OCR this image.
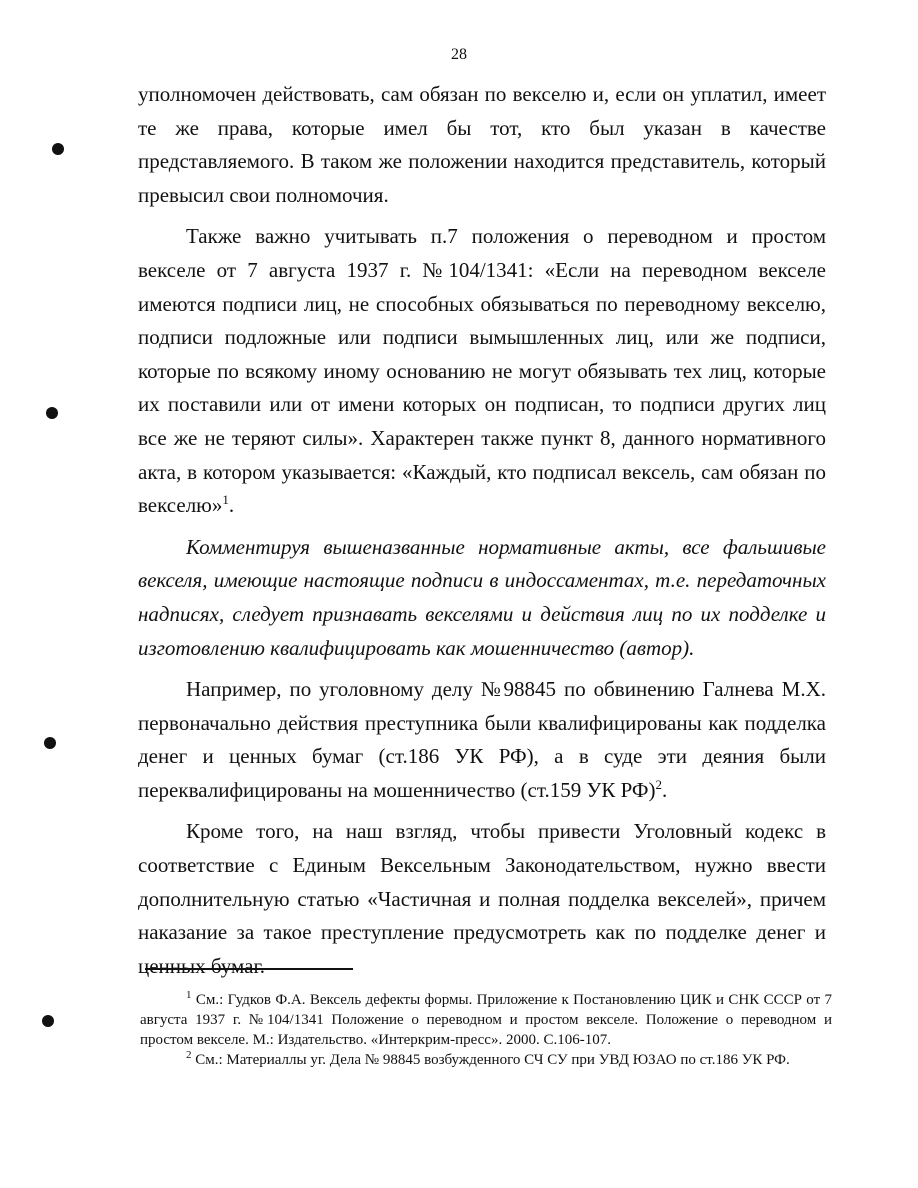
28

уполномочен действовать, сам обязан по векселю и, если он уплатил, имеет те же права, которые имел бы тот, кто был указан в качестве представляемого. В таком же положении находится представитель, который превысил свои полномочия.

Также важно учитывать п.7 положения о переводном и простом векселе от 7 августа 1937 г. №104/1341: «Если на переводном векселе имеются подписи лиц, не способных обязываться по переводному векселю, подписи подложные или подписи вымышленных лиц, или же подписи, которые по всякому иному основанию не могут обязывать тех лиц, которые их поставили или от имени которых он подписан, то подписи других лиц все же не теряют силы». Характерен также пункт 8, данного нормативного акта, в котором указывается: «Каждый, кто подписал вексель, сам обязан по векселю»$^1$.

Комментируя вышеназванные нормативные акты, все фальшивые векселя, имеющие настоящие подписи в индоссаментах, т.е. передаточных надписях, следует признавать векселями и действия лиц по их подделке и изготовлению квалифицировать как мошенничество (автор).

Например, по уголовному делу №98845 по обвинению Галнева М.Х. первоначально действия преступника были квалифицированы как подделка денег и ценных бумаг (ст.186 УК РФ), а в суде эти деяния были переквалифицированы на мошенничество (ст.159 УК РФ)$^2$.

Кроме того, на наш взгляд, чтобы привести Уголовный кодекс в соответствие с Единым Вексельным Законодательством, нужно ввести дополнительную статью «Частичная и полная подделка векселей», причем наказание за такое преступление предусмотреть как по подделке денег и ценных бумаг.

$^1$ См.: Гудков Ф.А. Вексель дефекты формы. Приложение к Постановлению ЦИК и СНК СССР от 7 августа 1937 г. №104/1341 Положение о переводном и простом векселе. Положение о переводном и простом векселе. М.: Издательство. «Интеркрим-пресс». 2000. С.106-107.

$^2$ См.: Материаллы уг. Дела № 98845 возбужденного СЧ СУ при УВД ЮЗАО по ст.186 УК РФ.
